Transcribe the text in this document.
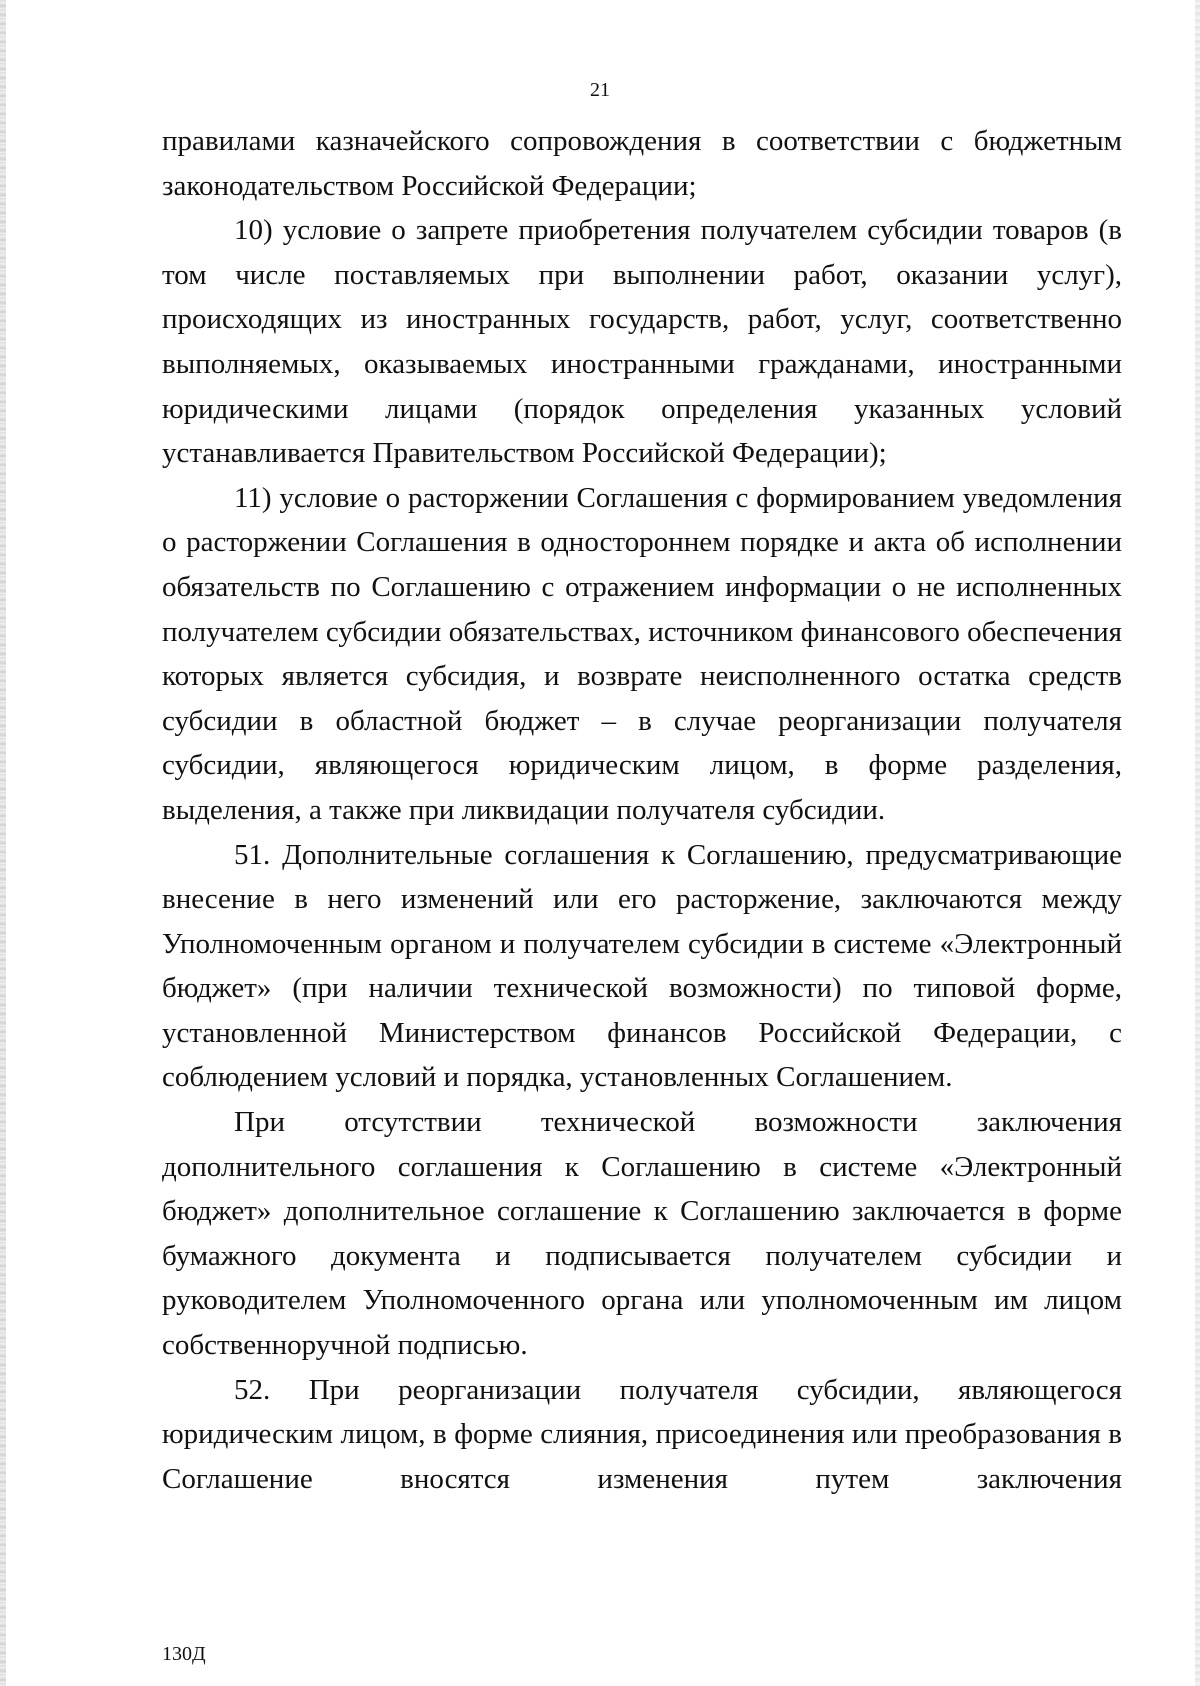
21

правилами казначейского сопровождения в соответствии с бюджетным законодательством Российской Федерации;

10) условие о запрете приобретения получателем субсидии товаров (в том числе поставляемых при выполнении работ, оказании услуг), происходящих из иностранных государств, работ, услуг, соответственно выполняемых, оказываемых иностранными гражданами, иностранными юридическими лицами (порядок определения указанных условий устанавливается Правительством Российской Федерации);

11) условие о расторжении Соглашения с формированием уведомления о расторжении Соглашения в одностороннем порядке и акта об исполнении обязательств по Соглашению с отражением информации о не исполненных получателем субсидии обязательствах, источником финансового обеспечения которых является субсидия, и возврате неисполненного остатка средств субсидии в областной бюджет – в случае реорганизации получателя субсидии, являющегося юридическим лицом, в форме разделения, выделения, а также при ликвидации получателя субсидии.

51. Дополнительные соглашения к Соглашению, предусматривающие внесение в него изменений или его расторжение, заключаются между Уполномоченным органом и получателем субсидии в системе «Электронный бюджет» (при наличии технической возможности) по типовой форме, установленной Министерством финансов Российской Федерации, с соблюдением условий и порядка, установленных Соглашением.

При отсутствии технической возможности заключения дополнительного соглашения к Соглашению в системе «Электронный бюджет» дополнительное соглашение к Соглашению заключается в форме бумажного документа и подписывается получателем субсидии и руководителем Уполномоченного органа или уполномоченным им лицом собственноручной подписью.

52. При реорганизации получателя субсидии, являющегося юридическим лицом, в форме слияния, присоединения или преобразования в Соглашение вносятся изменения путем заключения

130Д
